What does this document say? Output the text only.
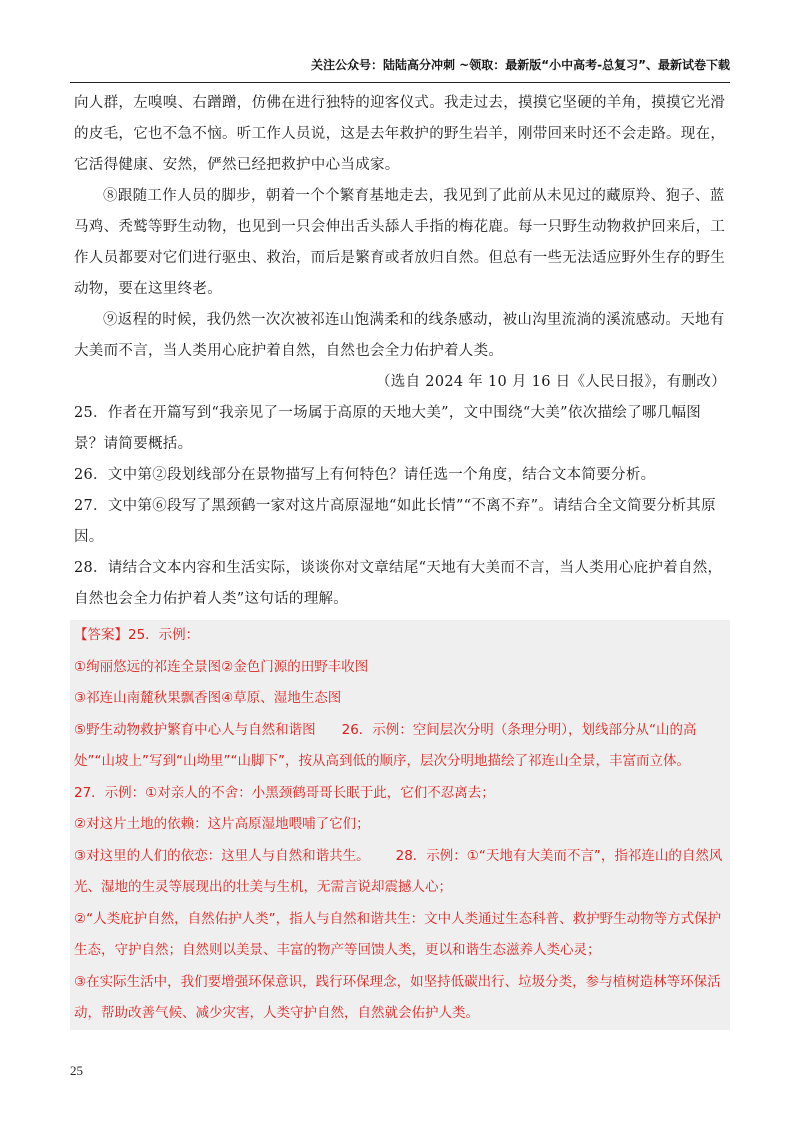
关注公众号：陆陆高分冲刺 ~领取：最新版“小中高考-总复习”、最新试卷下载

向人群，左嗅嗅、右蹭蹭，仿佛在进行独特的迎客仪式。我走过去，摸摸它坚硬的羊角，摸摸它光滑的皮毛，它也不急不恼。听工作人员说，这是去年救护的野生岩羊，刚带回来时还不会走路。现在，它活得健康、安然，俨然已经把救护中心当成家。

⑧跟随工作人员的脚步，朝着一个个繁育基地走去，我见到了此前从未见过的藏原羚、狍子、蓝马鸡、秃鹫等野生动物，也见到一只会伸出舌头舔人手指的梅花鹿。每一只野生动物救护回来后，工作人员都要对它们进行驱虫、救治，而后是繁育或者放归自然。但总有一些无法适应野外生存的野生动物，要在这里终老。

⑨返程的时候，我仍然一次次被祁连山饱满柔和的线条感动，被山沟里流淌的溪流感动。天地有大美而不言，当人类用心庇护着自然，自然也会全力佑护着人类。

（选自 2024 年 10 月 16 日《人民日报》，有删改）

25．作者在开篇写到“我亲见了一场属于高原的天地大美”，文中围绕“大美”依次描绘了哪几幅图景？请简要概括。

26．文中第②段划线部分在景物描写上有何特色？请任选一个角度，结合文本简要分析。

27．文中第⑥段写了黑颈鹤一家对这片高原湿地“如此长情”“不离不弃”。请结合全文简要分析其原因。

28．请结合文本内容和生活实际，谈谈你对文章结尾“天地有大美而不言，当人类用心庇护着自然，自然也会全力佑护着人类”这句话的理解。

【答案】25．示例：

①绚丽悠远的祁连全景图②金色门源的田野丰收图

③祁连山南麓秋果飘香图④草原、湿地生态图

⑤野生动物救护繁育中心人与自然和谐图 26．示例：空间层次分明（条理分明），划线部分从“山的高处”“山坡上”写到“山坳里”“山脚下”，按从高到低的顺序，层次分明地描绘了祁连山全景，丰富而立体。27．示例：①对亲人的不舍：小黑颈鹤哥哥长眠于此，它们不忍离去；

②对这片土地的依赖：这片高原湿地喂哺了它们；

③对这里的人们的依恋：这里人与自然和谐共生。 28．示例：①“天地有大美而不言”，指祁连山的自然风光、湿地的生灵等展现出的壮美与生机，无需言说却震撼人心；

②“人类庇护自然，自然佑护人类”，指人与自然和谐共生：文中人类通过生态科普、救护野生动物等方式保护生态，守护自然；自然则以美景、丰富的物产等回馈人类，更以和谐生态滋养人类心灵；

③在实际生活中，我们要增强环保意识，践行环保理念，如坚持低碳出行、垃圾分类，参与植树造林等环保活动，帮助改善气候、减少灾害，人类守护自然，自然就会佑护人类。

25
